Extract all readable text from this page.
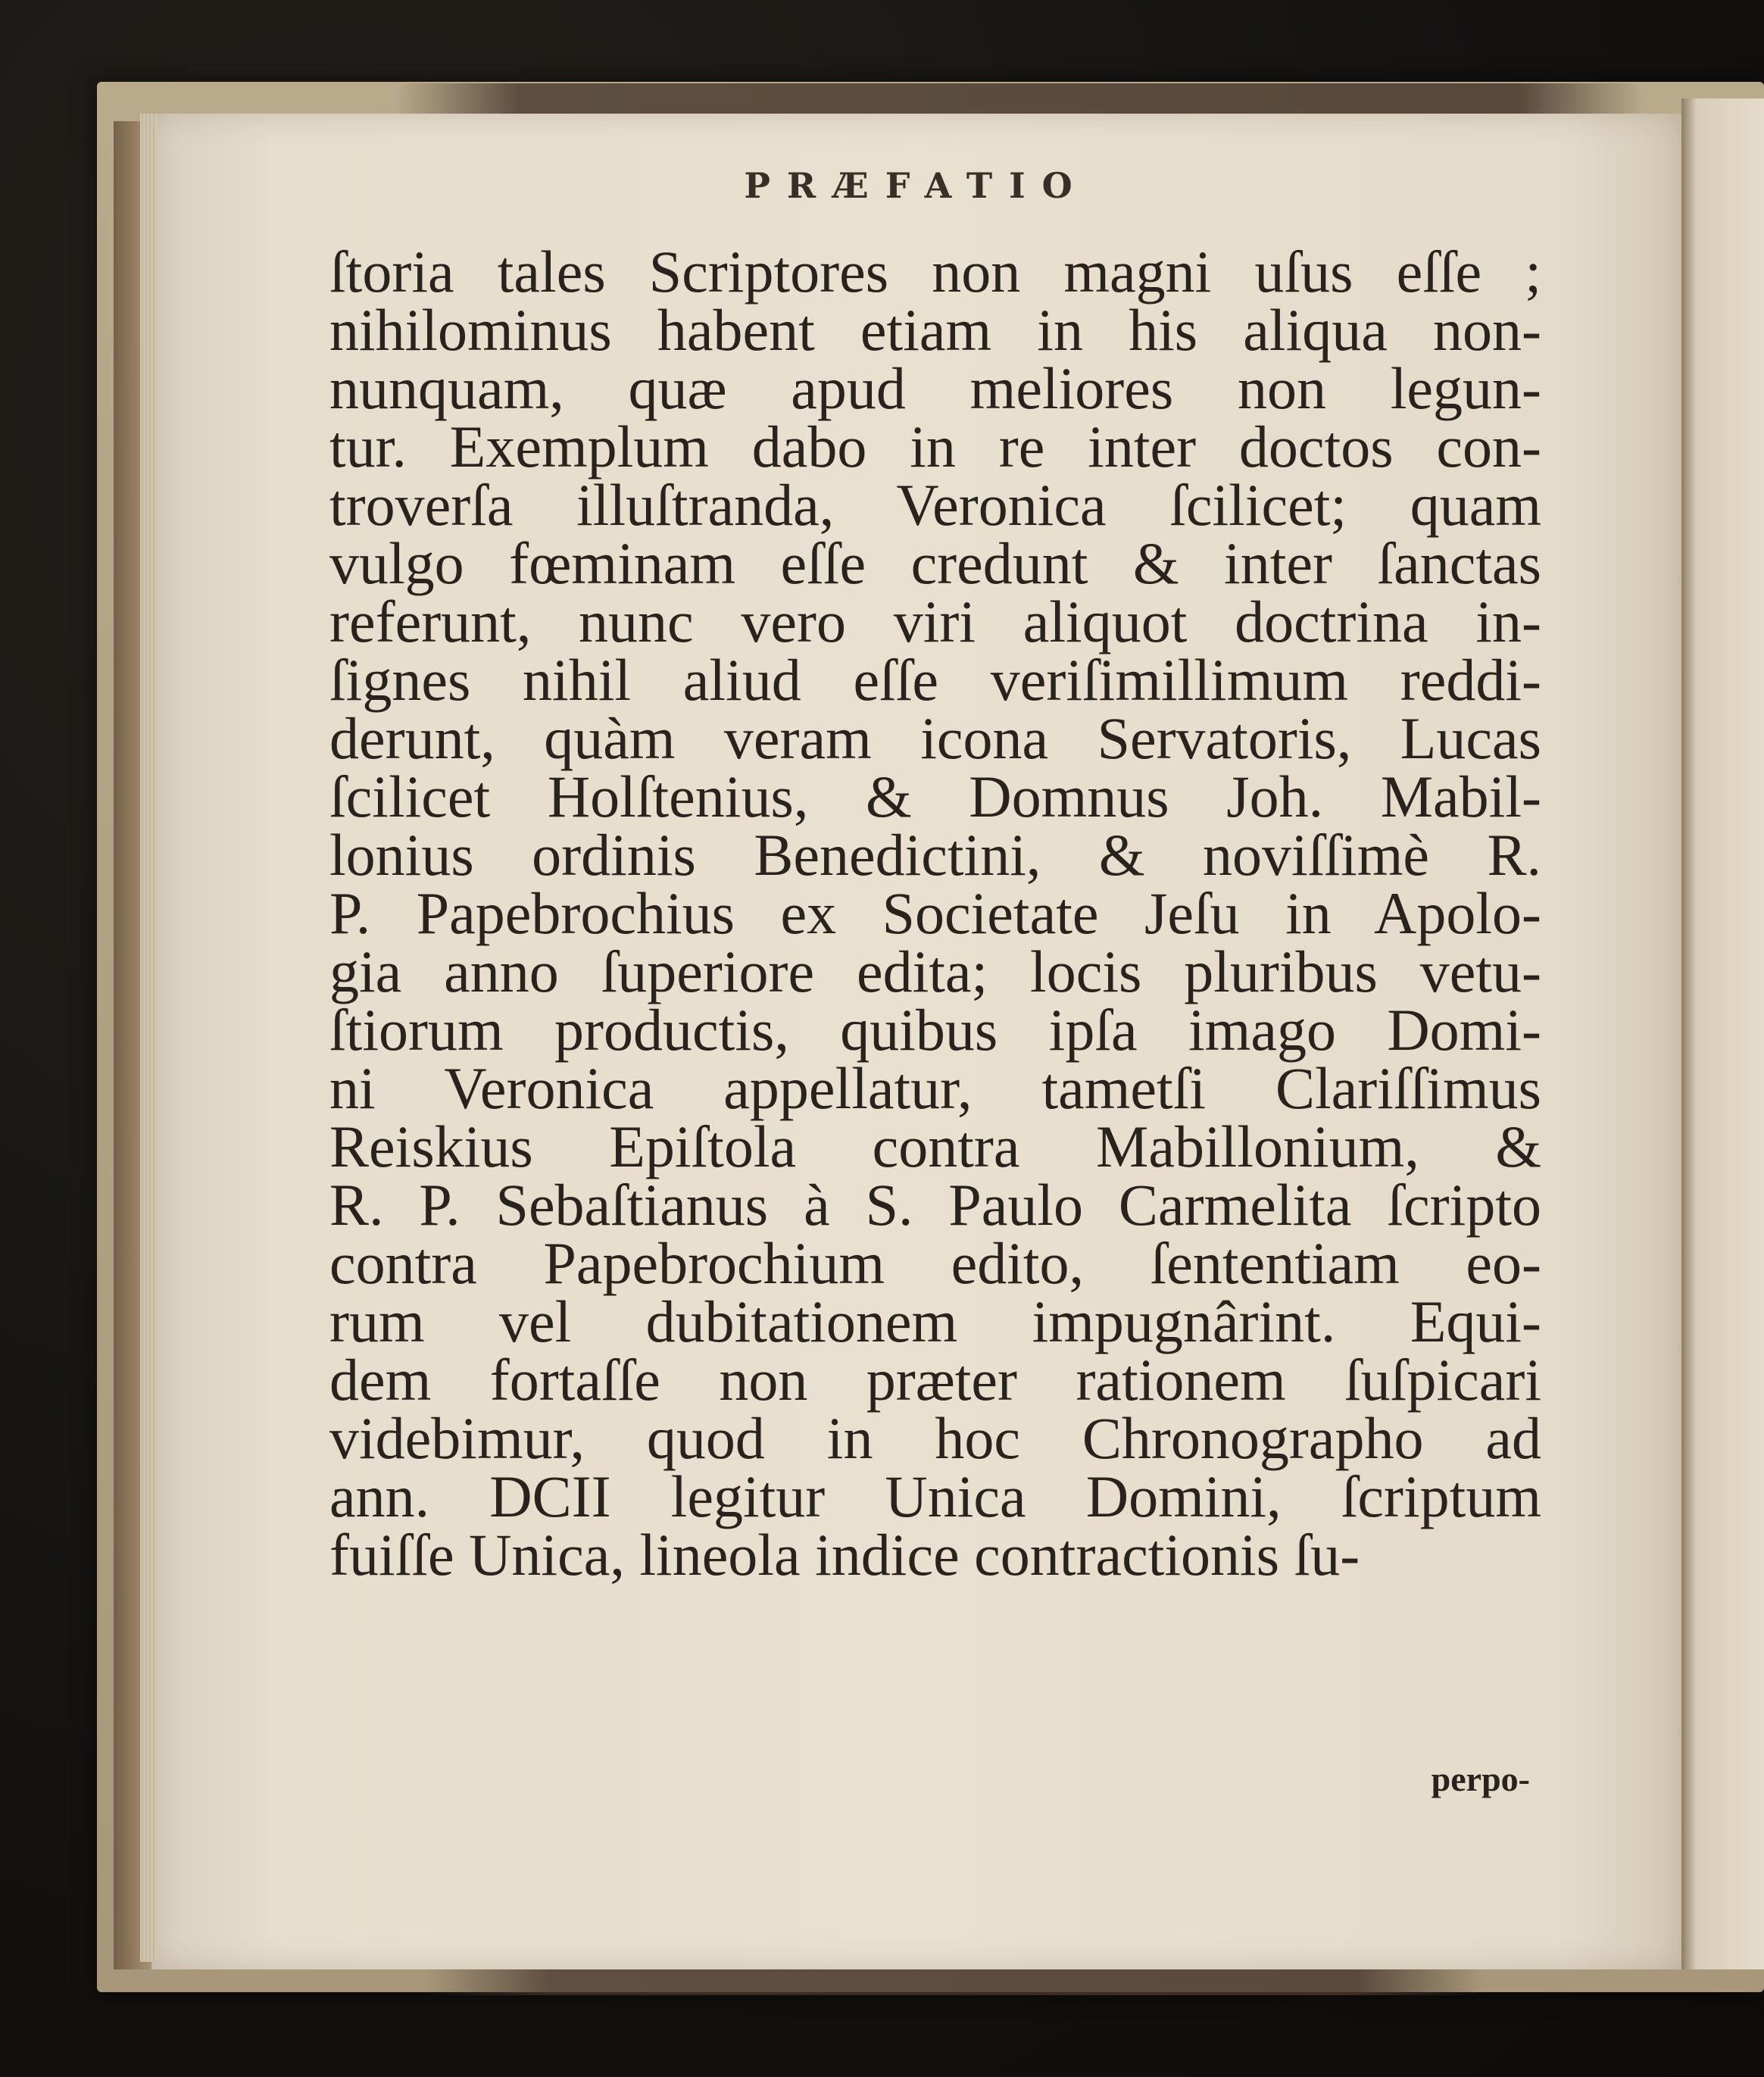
PRÆFATIO
ſtoria tales Scriptores non magni uſus eſſe ;
nihilominus habent etiam in his aliqua non-
nunquam, quæ apud meliores non legun-
tur. Exemplum dabo in re inter doctos con-
troverſa illuſtranda, Veronica ſcilicet; quam
vulgo fœminam eſſe credunt & inter ſanctas
referunt, nunc vero viri aliquot doctrina in-
ſignes nihil aliud eſſe veriſimillimum reddi-
derunt, quàm veram icona Servatoris, Lucas
ſcilicet Holſtenius, & Domnus Joh. Mabil-
lonius ordinis Benedictini, & noviſſimè R.
P. Papebrochius ex Societate Jeſu in Apolo-
gia anno ſuperiore edita; locis pluribus vetu-
ſtiorum productis, quibus ipſa imago Domi-
ni Veronica appellatur, tametſi Clariſſimus
Reiskius Epiſtola contra Mabillonium, &
R. P. Sebaſtianus à S. Paulo Carmelita ſcripto
contra Papebrochium edito, ſententiam eo-
rum vel dubitationem impugnârint. Equi-
dem fortaſſe non præter rationem ſuſpicari
videbimur, quod in hoc Chronographo ad
ann. DCII legitur Unica Domini, ſcriptum
fuiſſe Unica, lineola indice contractionis ſu-
perpo-
